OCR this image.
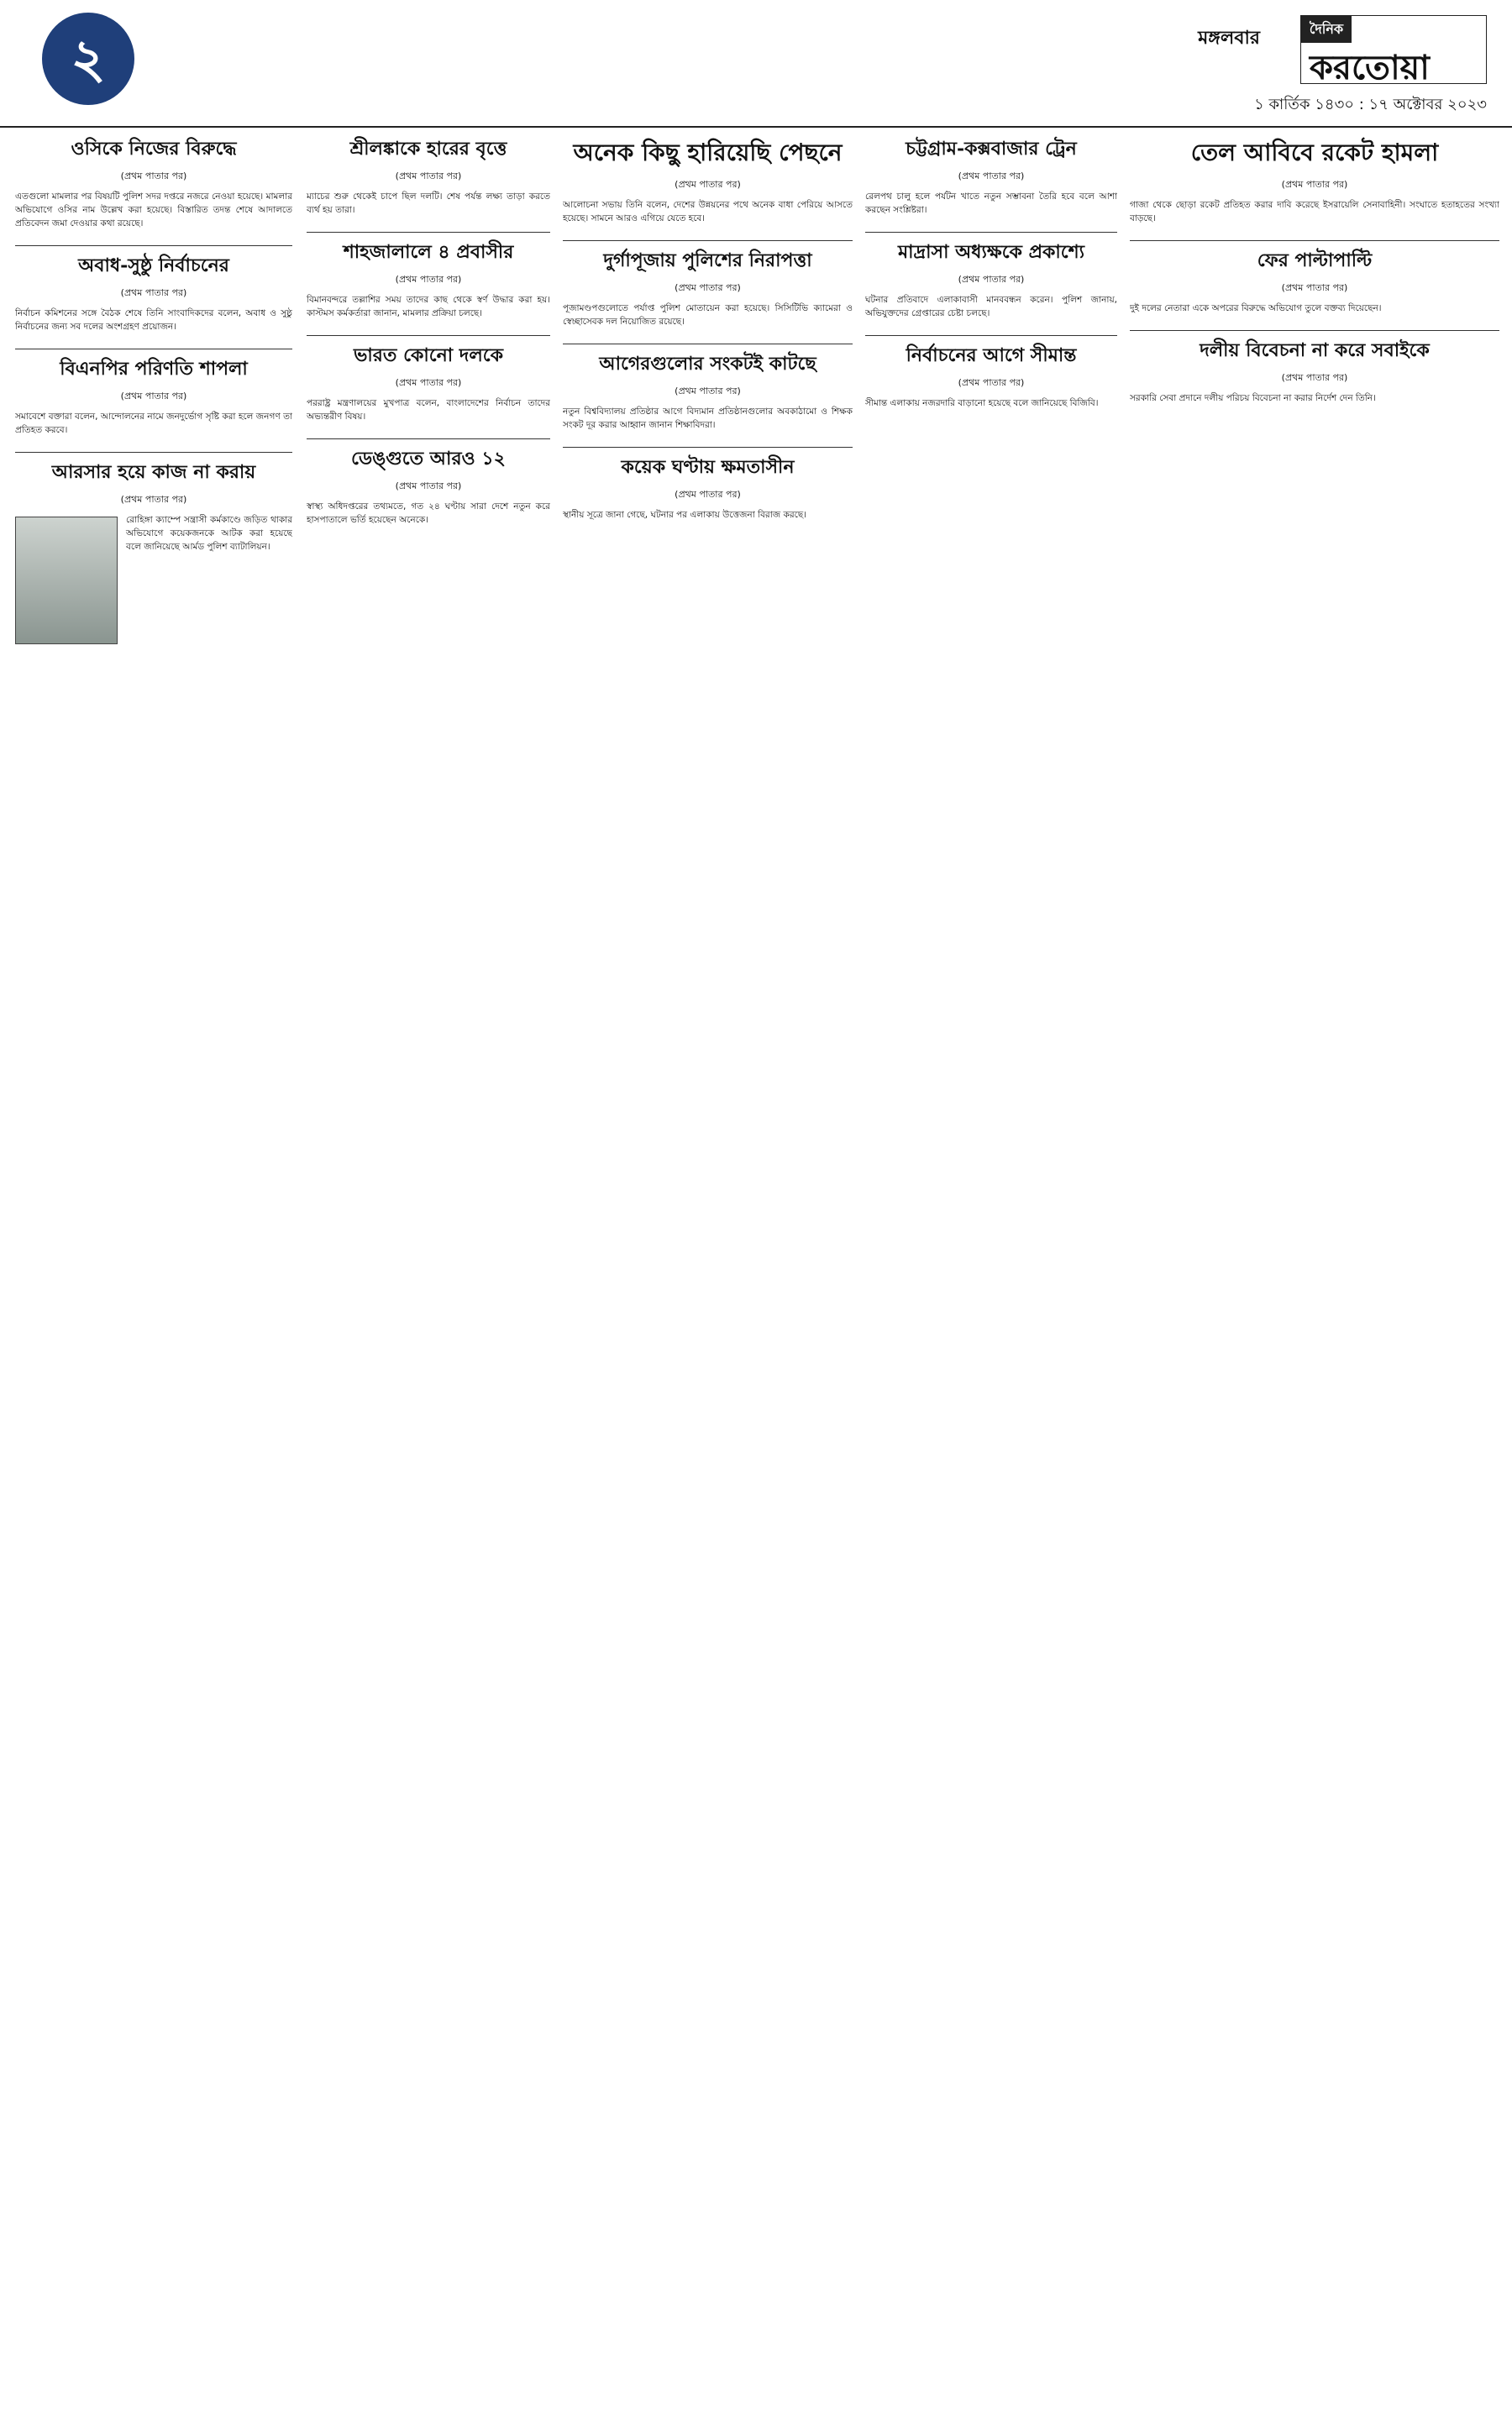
২	মঙ্গলবার	দৈনিক
করতোয়া
১ কার্তিক ১৪৩০ : ১৭ অক্টোবর ২০২৩
ওসিকে নিজের বিরুদ্ধে
(প্রথম পাতার পর)

এতগুলো মামলার পর বিষয়টি পুলিশ সদর দপ্তরে নজরে নেওয়া হয়েছে। মামলার অভিযোগে ওসির নাম উল্লেখ করা হয়েছে। বিস্তারিত তদন্ত শেষে আদালতে প্রতিবেদন জমা দেওয়ার কথা রয়েছে।

অবাধ-সুষ্ঠু নির্বাচনের
(প্রথম পাতার পর)

নির্বাচন কমিশনের সঙ্গে বৈঠক শেষে তিনি সাংবাদিকদের বলেন, অবাধ ও সুষ্ঠু নির্বাচনের জন্য সব দলের অংশগ্রহণ প্রয়োজন।

বিএনপির পরিণতি শাপলা
(প্রথম পাতার পর)

সমাবেশে বক্তারা বলেন, আন্দোলনের নামে জনদুর্ভোগ সৃষ্টি করা হলে জনগণ তা প্রতিহত করবে।

আরসার হয়ে কাজ না করায়
(প্রথম পাতার পর)

রোহিঙ্গা ক্যাম্পে সন্ত্রাসী কর্মকাণ্ডে জড়িত থাকার অভিযোগে কয়েকজনকে আটক করা হয়েছে বলে জানিয়েছে আর্মড পুলিশ ব্যাটালিয়ন।

শ্রীলঙ্কাকে হারের বৃত্তে
(প্রথম পাতার পর)

ম্যাচের শুরু থেকেই চাপে ছিল দলটি। শেষ পর্যন্ত লক্ষ্য তাড়া করতে ব্যর্থ হয় তারা।

শাহজালালে ৪ প্রবাসীর
(প্রথম পাতার পর)

বিমানবন্দরে তল্লাশির সময় তাদের কাছ থেকে স্বর্ণ উদ্ধার করা হয়। কাস্টমস কর্মকর্তারা জানান, মামলার প্রক্রিয়া চলছে।

ভারত কোনো দলকে
(প্রথম পাতার পর)

পররাষ্ট্র মন্ত্রণালয়ের মুখপাত্র বলেন, বাংলাদেশের নির্বাচন তাদের অভ্যন্তরীণ বিষয়।

ডেঙ্গুতে আরও ১২
(প্রথম পাতার পর)

স্বাস্থ্য অধিদপ্তরের তথ্যমতে, গত ২৪ ঘণ্টায় সারা দেশে নতুন করে হাসপাতালে ভর্তি হয়েছেন অনেকে।

অনেক কিছু হারিয়েছি পেছনে
(প্রথম পাতার পর)

আলোচনা সভায় তিনি বলেন, দেশের উন্নয়নের পথে অনেক বাধা পেরিয়ে আসতে হয়েছে। সামনে আরও এগিয়ে যেতে হবে।

দুর্গাপূজায় পুলিশের নিরাপত্তা
(প্রথম পাতার পর)

পূজামণ্ডপগুলোতে পর্যাপ্ত পুলিশ মোতায়েন করা হয়েছে। সিসিটিভি ক্যামেরা ও স্বেচ্ছাসেবক দল নিয়োজিত রয়েছে।

আগেরগুলোর সংকটই কাটছে
(প্রথম পাতার পর)

নতুন বিশ্ববিদ্যালয় প্রতিষ্ঠার আগে বিদ্যমান প্রতিষ্ঠানগুলোর অবকাঠামো ও শিক্ষক সংকট দূর করার আহ্বান জানান শিক্ষাবিদরা।

কয়েক ঘণ্টায় ক্ষমতাসীন
(প্রথম পাতার পর)

স্থানীয় সূত্রে জানা গেছে, ঘটনার পর এলাকায় উত্তেজনা বিরাজ করছে।

চট্টগ্রাম-কক্সবাজার ট্রেন
(প্রথম পাতার পর)

রেলপথ চালু হলে পর্যটন খাতে নতুন সম্ভাবনা তৈরি হবে বলে আশা করছেন সংশ্লিষ্টরা।

মাদ্রাসা অধ্যক্ষকে প্রকাশ্যে
(প্রথম পাতার পর)

ঘটনার প্রতিবাদে এলাকাবাসী মানববন্ধন করেন। পুলিশ জানায়, অভিযুক্তদের গ্রেপ্তারের চেষ্টা চলছে।

নির্বাচনের আগে সীমান্ত
(প্রথম পাতার পর)

সীমান্ত এলাকায় নজরদারি বাড়ানো হয়েছে বলে জানিয়েছে বিজিবি।

তেল আবিবে রকেট হামলা
(প্রথম পাতার পর)

গাজা থেকে ছোড়া রকেট প্রতিহত করার দাবি করেছে ইসরায়েলি সেনাবাহিনী। সংঘাতে হতাহতের সংখ্যা বাড়ছে।

ফের পাল্টাপাল্টি
(প্রথম পাতার পর)

দুই দলের নেতারা একে অপরের বিরুদ্ধে অভিযোগ তুলে বক্তব্য দিয়েছেন।

দলীয় বিবেচনা না করে সবাইকে
(প্রথম পাতার পর)

সরকারি সেবা প্রদানে দলীয় পরিচয় বিবেচনা না করার নির্দেশ দেন তিনি।
